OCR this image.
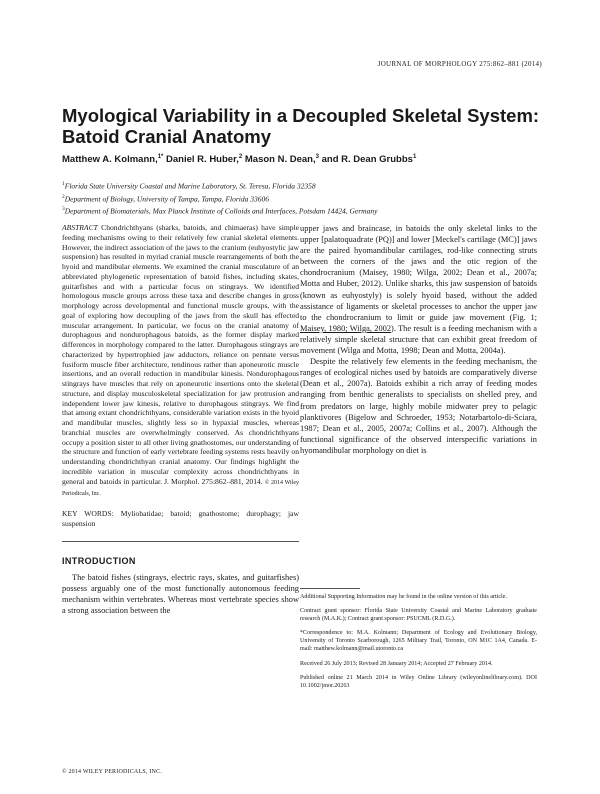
JOURNAL OF MORPHOLOGY 275:862–881 (2014)
Myological Variability in a Decoupled Skeletal System: Batoid Cranial Anatomy
Matthew A. Kolmann,$^{1*}$ Daniel R. Huber,$^2$ Mason N. Dean,$^3$ and R. Dean Grubbs$^1$
$^1$Florida State University Coastal and Marine Laboratory, St. Teresa, Florida 32358
$^2$Department of Biology, University of Tampa, Tampa, Florida 33606
$^3$Department of Biomaterials, Max Planck Institute of Colloids and Interfaces, Potsdam 14424, Germany

ABSTRACT Chondrichthyans (sharks, batoids, and chimaeras) have simple feeding mechanisms owing to their relatively few cranial skeletal elements. However, the indirect association of the jaws to the cranium (euhyostylic jaw suspension) has resulted in myriad cranial muscle rearrangements of both the hyoid and mandibular elements. We examined the cranial musculature of an abbreviated phylogenetic representation of batoid fishes, including skates, guitarfishes and with a particular focus on stingrays. We identified homologous muscle groups across these taxa and describe changes in gross morphology across developmental and functional muscle groups, with the goal of exploring how decoupling of the jaws from the skull has effected muscular arrangement. In particular, we focus on the cranial anatomy of durophagous and nondurophagous batoids, as the former display marked differences in morphology compared to the latter. Durophagous stingrays are characterized by hypertrophied jaw adductors, reliance on pennate versus fusiform muscle fiber architecture, tendinous rather than aponeurotic muscle insertions, and an overall reduction in mandibular kinesis. Nondurophagous stingrays have muscles that rely on aponeurotic insertions onto the skeletal structure, and display musculoskeletal specialization for jaw protrusion and independent lower jaw kinesis, relative to durophagous stingrays. We find that among extant chondrichthyans, considerable variation exists in the hyoid and mandibular muscles, slightly less so in hypaxial muscles, whereas branchial muscles are overwhelmingly conserved. As chondrichthyans occupy a position sister to all other living gnathostomes, our understanding of the structure and function of early vertebrate feeding systems rests heavily on understanding chondrichthyan cranial anatomy. Our findings highlight the incredible variation in muscular complexity across chondrichthyans in general and batoids in particular. J. Morphol. 275:862–881, 2014. © 2014 Wiley Periodicals, Inc.

KEY WORDS: Myliobatidae; batoid; gnathostome; durophagy; jaw suspension

INTRODUCTION

The batoid fishes (stingrays, electric rays, skates, and guitarfishes) possess arguably one of the most functionally autonomous feeding mechanism within vertebrates. Whereas most vertebrate species show a strong association between the

upper jaws and braincase, in batoids the only skeletal links to the upper [palatoquadrate (PQ)] and lower [Meckel's cartilage (MC)] jaws are the paired hyomandibular cartilages, rod-like connecting struts between the corners of the jaws and the otic region of the chondrocranium (Maisey, 1980; Wilga, 2002; Dean et al., 2007a; Motta and Huber, 2012). Unlike sharks, this jaw suspension of batoids (known as euhyostyly) is solely hyoid based, without the added assistance of ligaments or skeletal processes to anchor the upper jaw to the chondrocranium to limit or guide jaw movement (Fig. 1; Maisey, 1980; Wilga, 2002). The result is a feeding mechanism with a relatively simple skeletal structure that can exhibit great freedom of movement (Wilga and Motta, 1998; Dean and Motta, 2004a).

Despite the relatively few elements in the feeding mechanism, the ranges of ecological niches used by batoids are comparatively diverse (Dean et al., 2007a). Batoids exhibit a rich array of feeding modes ranging from benthic generalists to specialists on shelled prey, and from predators on large, highly mobile midwater prey to pelagic planktivores (Bigelow and Schroeder, 1953; Notarbartolo-di-Sciara, 1987; Dean et al., 2005, 2007a; Collins et al., 2007). Although the functional significance of the observed interspecific variations in hyomandibular morphology on diet is

Additional Supporting Information may be found in the online version of this article.

Contract grant sponsor: Florida State University Coastal and Marine Laboratory graduate research (M.A.K.); Contract grant sponsor: PSUCML (R.D.G.).

*Correspondence to: M.A. Kolmann; Department of Ecology and Evolutionary Biology, University of Toronto Scarborough, 1265 Military Trail, Toronto, ON M1C 1A4, Canada. E-mail: matthew.kolmann@mail.utoronto.ca

Received 26 July 2013; Revised 28 January 2014; Accepted 27 February 2014.

Published online 21 March 2014 in Wiley Online Library (wileyonlinelibrary.com). DOI 10.1002/jmor.20263

© 2014 WILEY PERIODICALS, INC.
